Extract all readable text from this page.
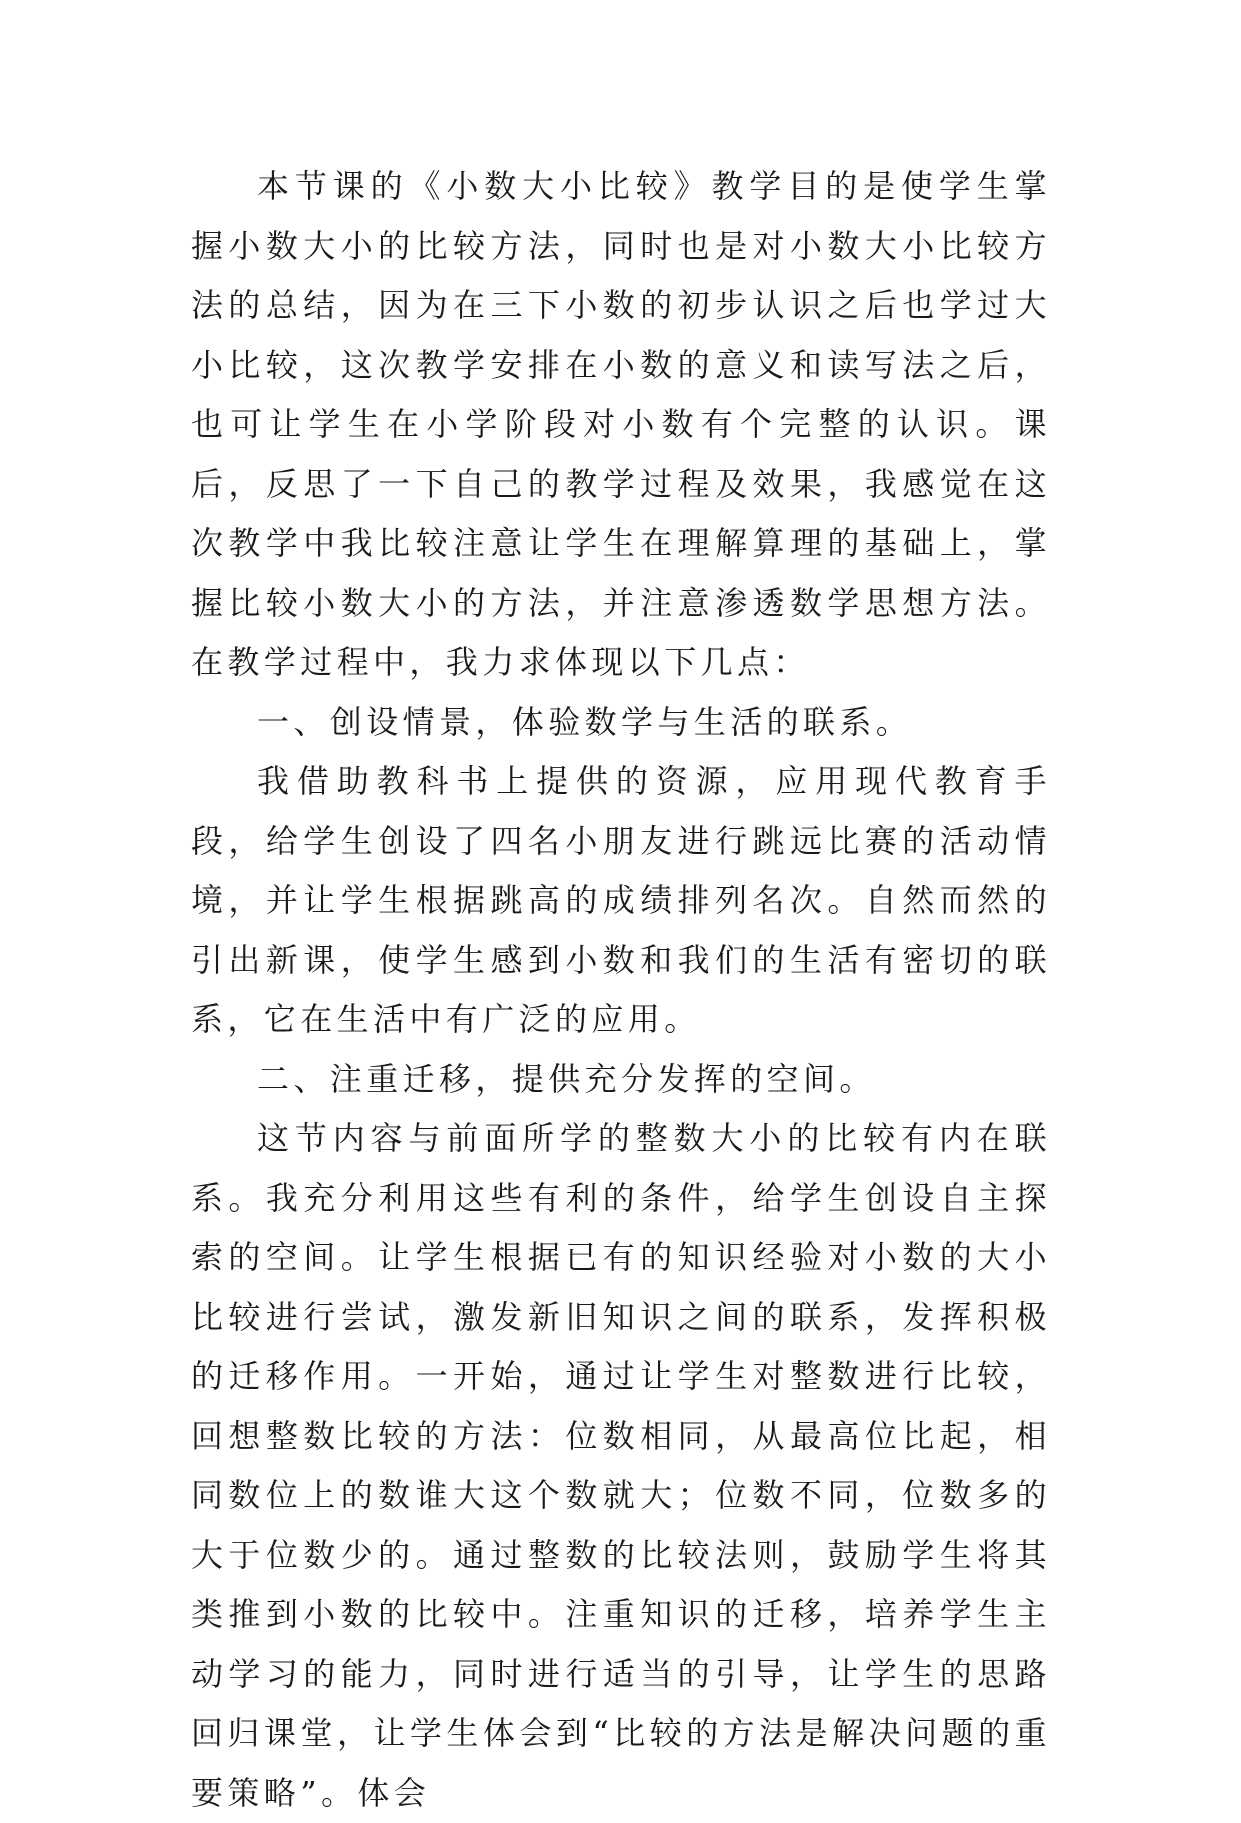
本节课的《小数大小比较》教学目的是使学生掌握小数大小的比较方法，同时也是对小数大小比较方法的总结，因为在三下小数的初步认识之后也学过大小比较，这次教学安排在小数的意义和读写法之后，也可让学生在小学阶段对小数有个完整的认识。课后，反思了一下自己的教学过程及效果，我感觉在这次教学中我比较注意让学生在理解算理的基础上，掌握比较小数大小的方法，并注意渗透数学思想方法。在教学过程中，我力求体现以下几点：

一、创设情景，体验数学与生活的联系。

我借助教科书上提供的资源，应用现代教育手段，给学生创设了四名小朋友进行跳远比赛的活动情境，并让学生根据跳高的成绩排列名次。自然而然的引出新课，使学生感到小数和我们的生活有密切的联系，它在生活中有广泛的应用。

二、注重迁移，提供充分发挥的空间。

这节内容与前面所学的整数大小的比较有内在联系。我充分利用这些有利的条件，给学生创设自主探索的空间。让学生根据已有的知识经验对小数的大小比较进行尝试，激发新旧知识之间的联系，发挥积极的迁移作用。一开始，通过让学生对整数进行比较，回想整数比较的方法：位数相同，从最高位比起，相同数位上的数谁大这个数就大；位数不同，位数多的大于位数少的。通过整数的比较法则，鼓励学生将其类推到小数的比较中。注重知识的迁移，培养学生主动学习的能力，同时进行适当的引导，让学生的思路回归课堂，让学生体会到“比较的方法是解决问题的重要策略”。体会
